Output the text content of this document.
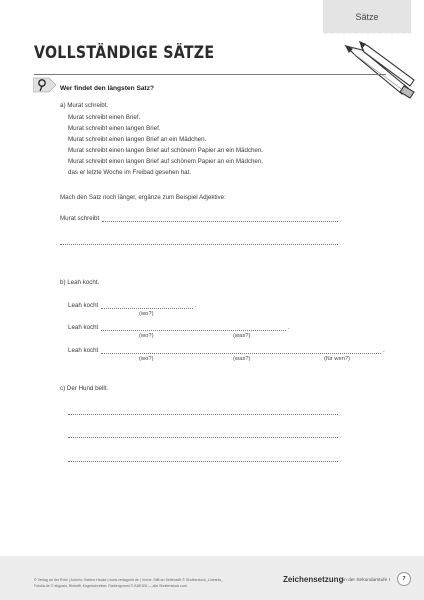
Sätze
VOLLSTÄNDIGE SÄTZE
Wer findet den längsten Satz?
a) Murat schreibt.
Murat schreibt einen Brief.
Murat schreibt einen langen Brief.
Murat schreibt einen langen Brief an ein Mädchen.
Murat schreibt einen langen Brief auf schönem Papier an ein Mädchen.
Murat schreibt einen langen Brief auf schönem Papier an ein Mädchen,
das er letzte Woche im Freibad gesehen hat.
Mach den Satz noch länger, ergänze zum Beispiel Adjektive:
Murat schreibt
b) Leah kocht.
Leah kocht	.
(wo?)
Leah kocht	.
(wo?)	(was?)
Leah kocht	.
(wo?)	(was?)	(für wen?)
c) Der Hund bellt.
© Verlag an der Ruhr | Autorin: Sabine Hauke | www.verlagruhr.de | Vorne: Stift an Seitenstift © Shutterstock_Lineshio_
Fotolia.de © ahgosin, Bleistift, Kugelschreiber, Radiergummi © ADEIZA — alle Shutterstock.com
Zeichensetzung in der Sekundarstufe I	7
